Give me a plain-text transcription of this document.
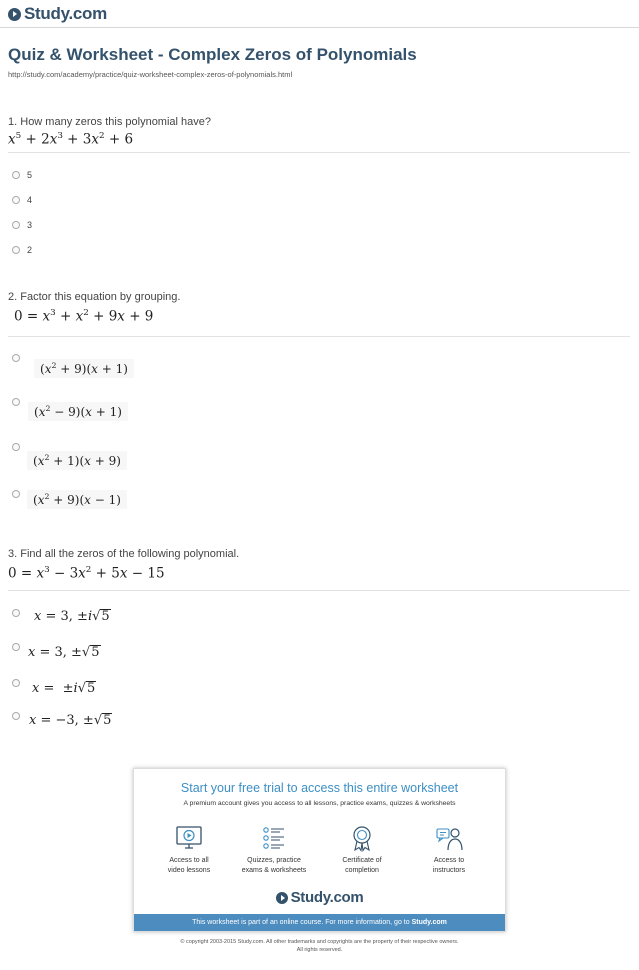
Study.com
Quiz & Worksheet - Complex Zeros of Polynomials
http://study.com/academy/practice/quiz-worksheet-complex-zeros-of-polynomials.html
1. How many zeros this polynomial have?
$x^5 + 2x^3 + 3x^2 + 6$
5
4
3
2
2. Factor this equation by grouping.
$0 = x^3 + x^2 + 9x + 9$
$(x^2 + 9)(x + 1)$
$(x^2 - 9)(x + 1)$
$(x^2 + 1)(x + 9)$
$(x^2 + 9)(x - 1)$
3. Find all the zeros of the following polynomial.
$0 = x^3 - 3x^2 + 5x - 15$
x = 3, ±i√5
x = 3, ±√5
x =  ±i√5
x = −3, ±√5
Start your free trial to access this entire worksheet
A premium account gives you access to all lessons, practice exams, quizzes & worksheets
Access to all
video lessons
Quizzes, practice
exams & worksheets
Certificate of
completion
Access to
instructors
Study.com
This worksheet is part of an online course. For more information, go to Study.com
© copyright 2003-2015 Study.com. All other trademarks and copyrights are the property of their respective owners.
All rights reserved.
